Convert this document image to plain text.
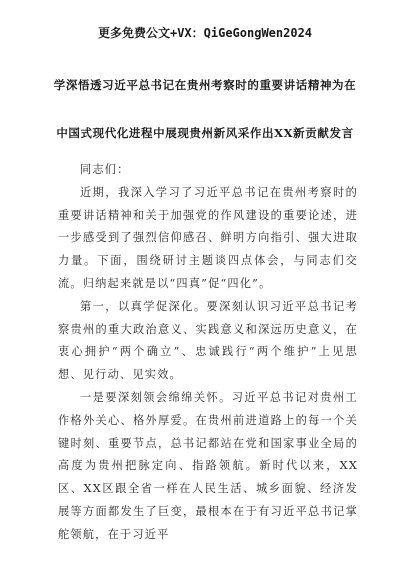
更多免费公文+VX：QiGeGongWen2024
学深悟透习近平总书记在贵州考察时的重要讲话精神为在
中国式现代化进程中展现贵州新风采作出XX新贡献发言

同志们：

近期，我深入学习了习近平总书记在贵州考察时的重要讲话精神和关于加强党的作风建设的重要论述，进一步感受到了强烈信仰感召、鲜明方向指引、强大进取力量。下面，围绕研讨主题谈四点体会，与同志们交流。归纳起来就是以“四真”促“四化”。

第一，以真学促深化。要深刻认识习近平总书记考察贵州的重大政治意义、实践意义和深远历史意义，在衷心拥护“两个确立”、忠诚践行“两个维护”上见思想、见行动、见实效。

一是要深刻领会绵绵关怀。习近平总书记对贵州工作格外关心、格外厚爱。在贵州前进道路上的每一个关键时刻、重要节点，总书记都站在党和国家事业全局的高度为贵州把脉定向、指路领航。新时代以来，XX区、XX区跟全省一样在人民生活、城乡面貌、经济发展等方面都发生了巨变，最根本在于有习近平总书记掌舵领航，在于习近平
